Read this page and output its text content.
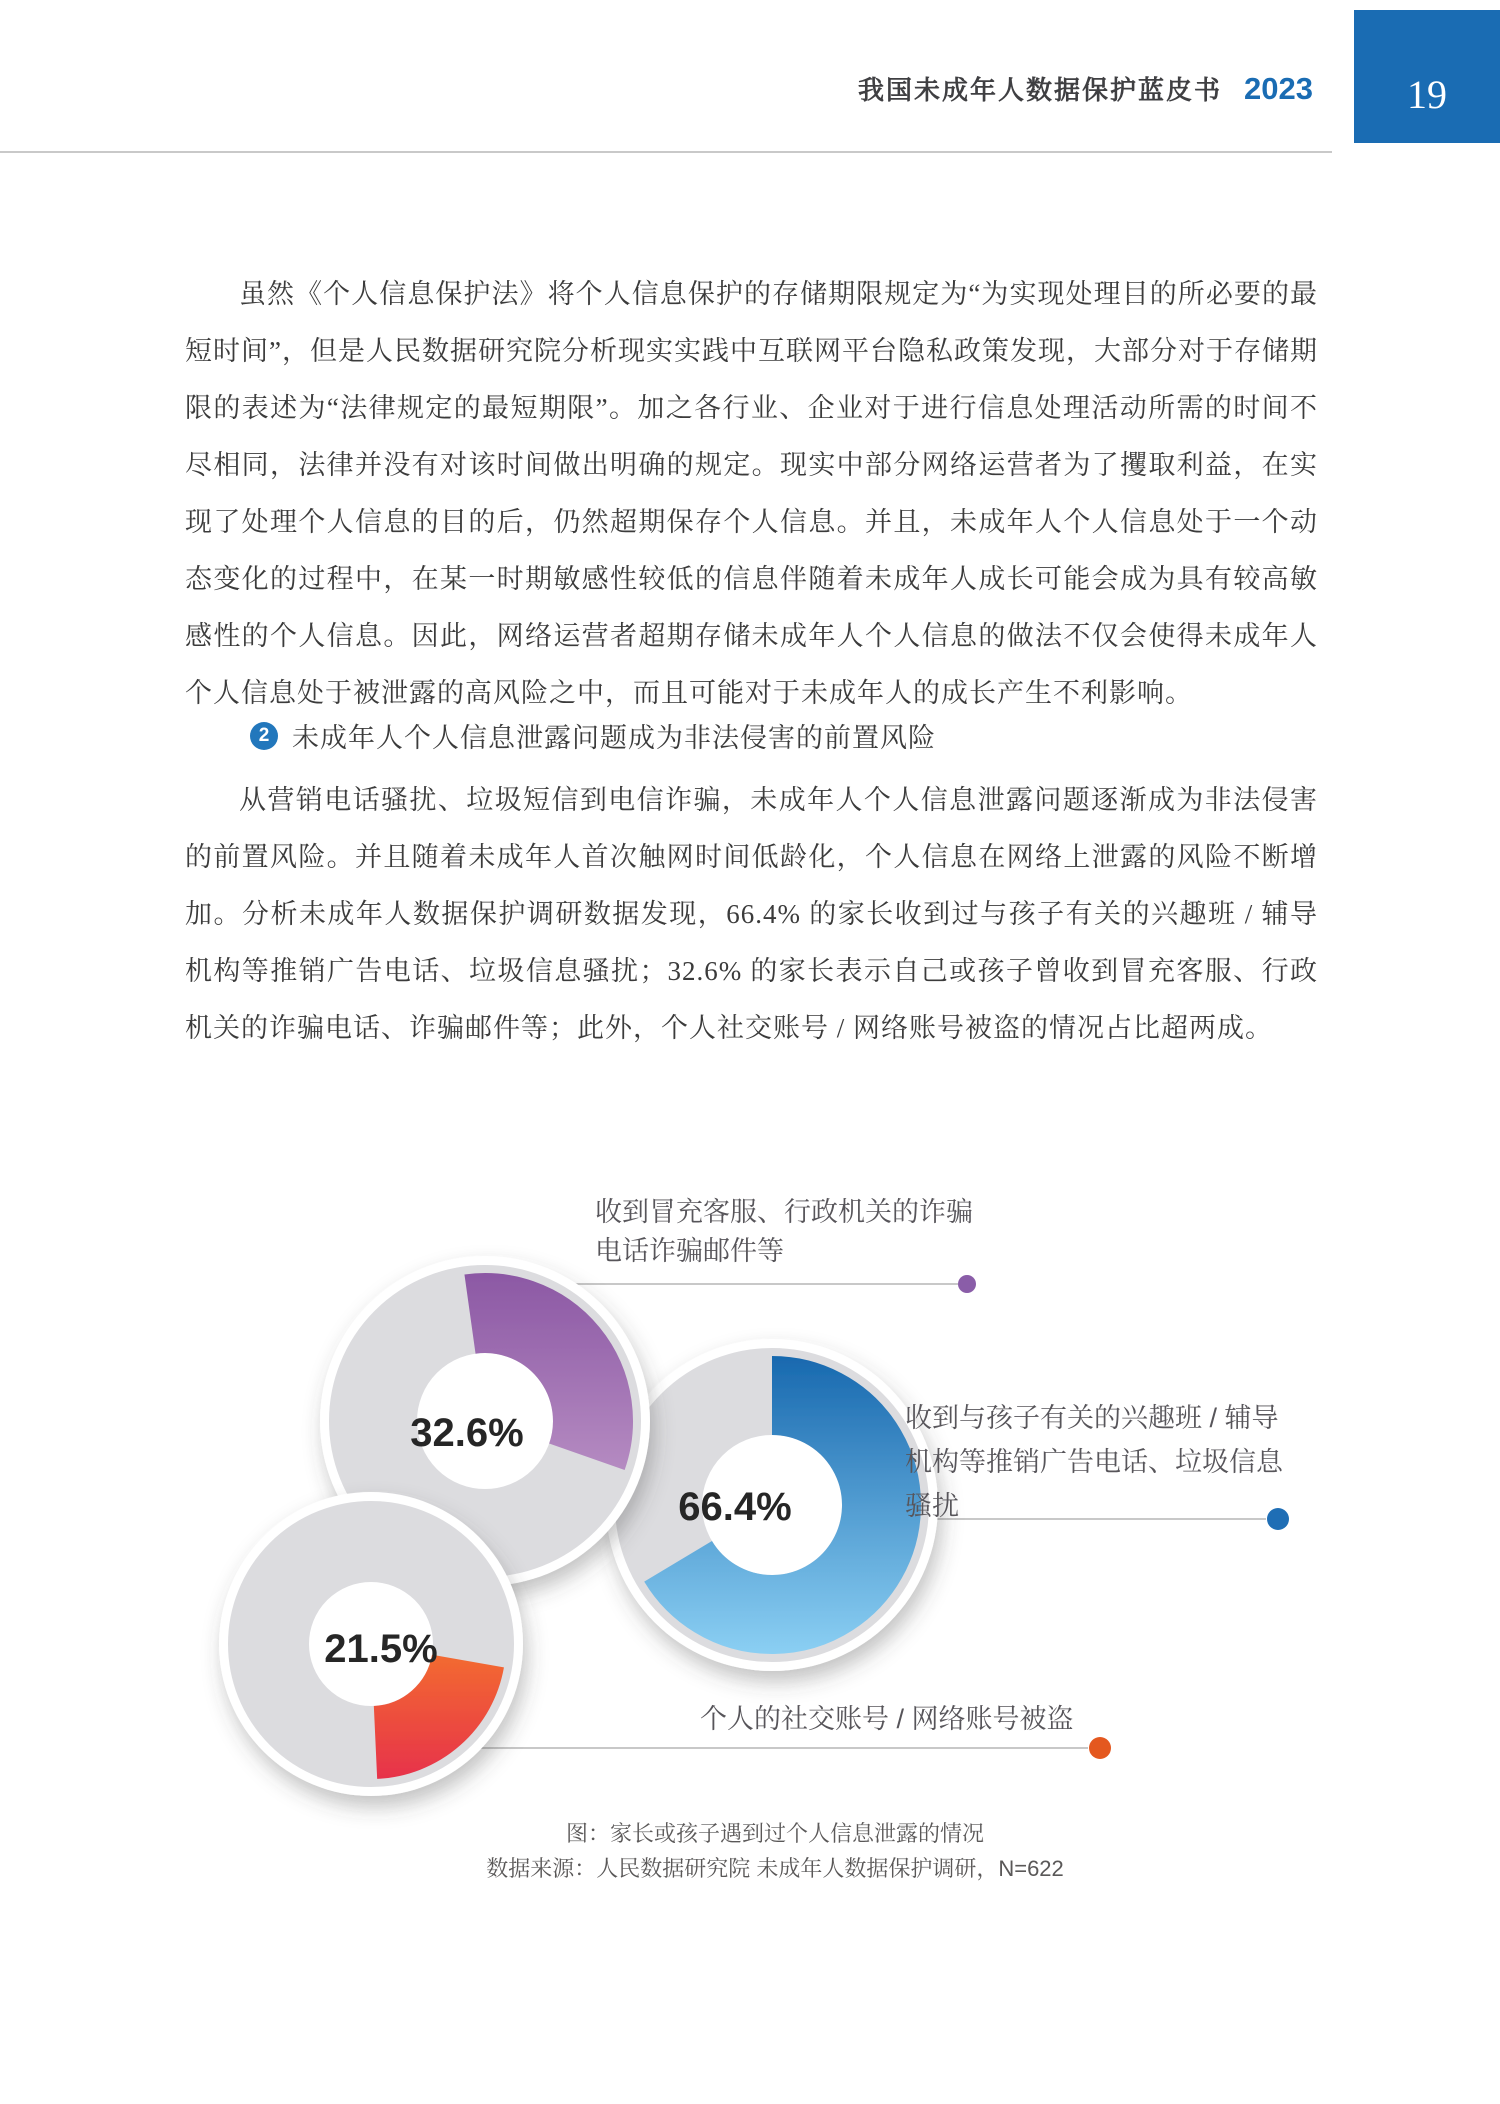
我国未成年人数据保护蓝皮书 2023 19

虽然《个人信息保护法》将个人信息保护的存储期限规定为“为实现处理目的所必要的最短时间”，但是人民数据研究院分析现实实践中互联网平台隐私政策发现，大部分对于存储期限的表述为“法律规定的最短期限”。加之各行业、企业对于进行信息处理活动所需的时间不尽相同，法律并没有对该时间做出明确的规定。现实中部分网络运营者为了攫取利益，在实现了处理个人信息的目的后，仍然超期保存个人信息。并且，未成年人个人信息处于一个动态变化的过程中，在某一时期敏感性较低的信息伴随着未成年人成长可能会成为具有较高敏感性的个人信息。因此，网络运营者超期存储未成年人个人信息的做法不仅会使得未成年人个人信息处于被泄露的高风险之中，而且可能对于未成年人的成长产生不利影响。

2 未成年人个人信息泄露问题成为非法侵害的前置风险

从营销电话骚扰、垃圾短信到电信诈骗，未成年人个人信息泄露问题逐渐成为非法侵害的前置风险。并且随着未成年人首次触网时间低龄化，个人信息在网络上泄露的风险不断增加。分析未成年人数据保护调研数据发现，66.4% 的家长收到过与孩子有关的兴趣班 / 辅导机构等推销广告电话、垃圾信息骚扰；32.6% 的家长表示自己或孩子曾收到冒充客服、行政机关的诈骗电话、诈骗邮件等；此外，个人社交账号 / 网络账号被盗的情况占比超两成。

66.4%
32.6%
21.5%
收到冒充客服、行政机关的诈骗电话诈骗邮件等
收到与孩子有关的兴趣班 / 辅导机构等推销广告电话、垃圾信息骚扰
个人的社交账号 / 网络账号被盗
图：家长或孩子遇到过个人信息泄露的情况
数据来源：人民数据研究院 未成年人数据保护调研，N=622
